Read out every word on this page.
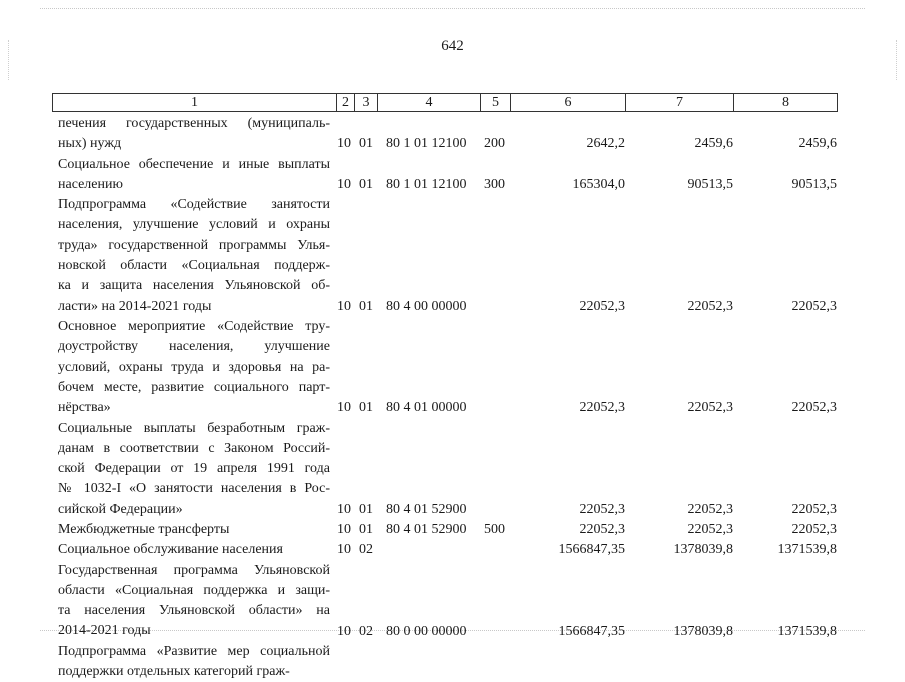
642
1	2 3	4	5	6	7	8
печения государственных (муниципаль-
ных) нужд	10 01 80 1 01 12100 200	2642,2	2459,6	2459,6
Социальное обеспечение и иные выплаты
населению	10 01 80 1 01 12100 300	165304,0	90513,5	90513,5
Подпрограмма «Содействие занятости
населения, улучшение условий и охраны
труда» государственной программы Улья-
новской области «Социальная поддерж-
ка и защита населения Ульяновской об-
ласти» на 2014-2021 годы	10 01 80 4 00 00000	22052,3	22052,3	22052,3
Основное мероприятие «Содействие тру-
доустройству населения, улучшение
условий, охраны труда и здоровья на ра-
бочем месте, развитие социального парт-
нёрства»	10 01 80 4 01 00000	22052,3	22052,3	22052,3
Социальные выплаты безработным граж-
данам в соответствии с Законом Россий-
ской Федерации от 19 апреля 1991 года
№ 1032-I «О занятости населения в Рос-
сийской Федерации»	10 01 80 4 01 52900	22052,3	22052,3	22052,3
Межбюджетные трансферты	10 01 80 4 01 52900 500	22052,3	22052,3	22052,3
Социальное обслуживание населения	10 02	1566847,35	1378039,8	1371539,8
Государственная программа Ульяновской
области «Социальная поддержка и защи-
та населения Ульяновской области» на
2014-2021 годы	10 02 80 0 00 00000	1566847,35	1378039,8	1371539,8
Подпрограмма «Развитие мер социальной
поддержки отдельных категорий граж-
